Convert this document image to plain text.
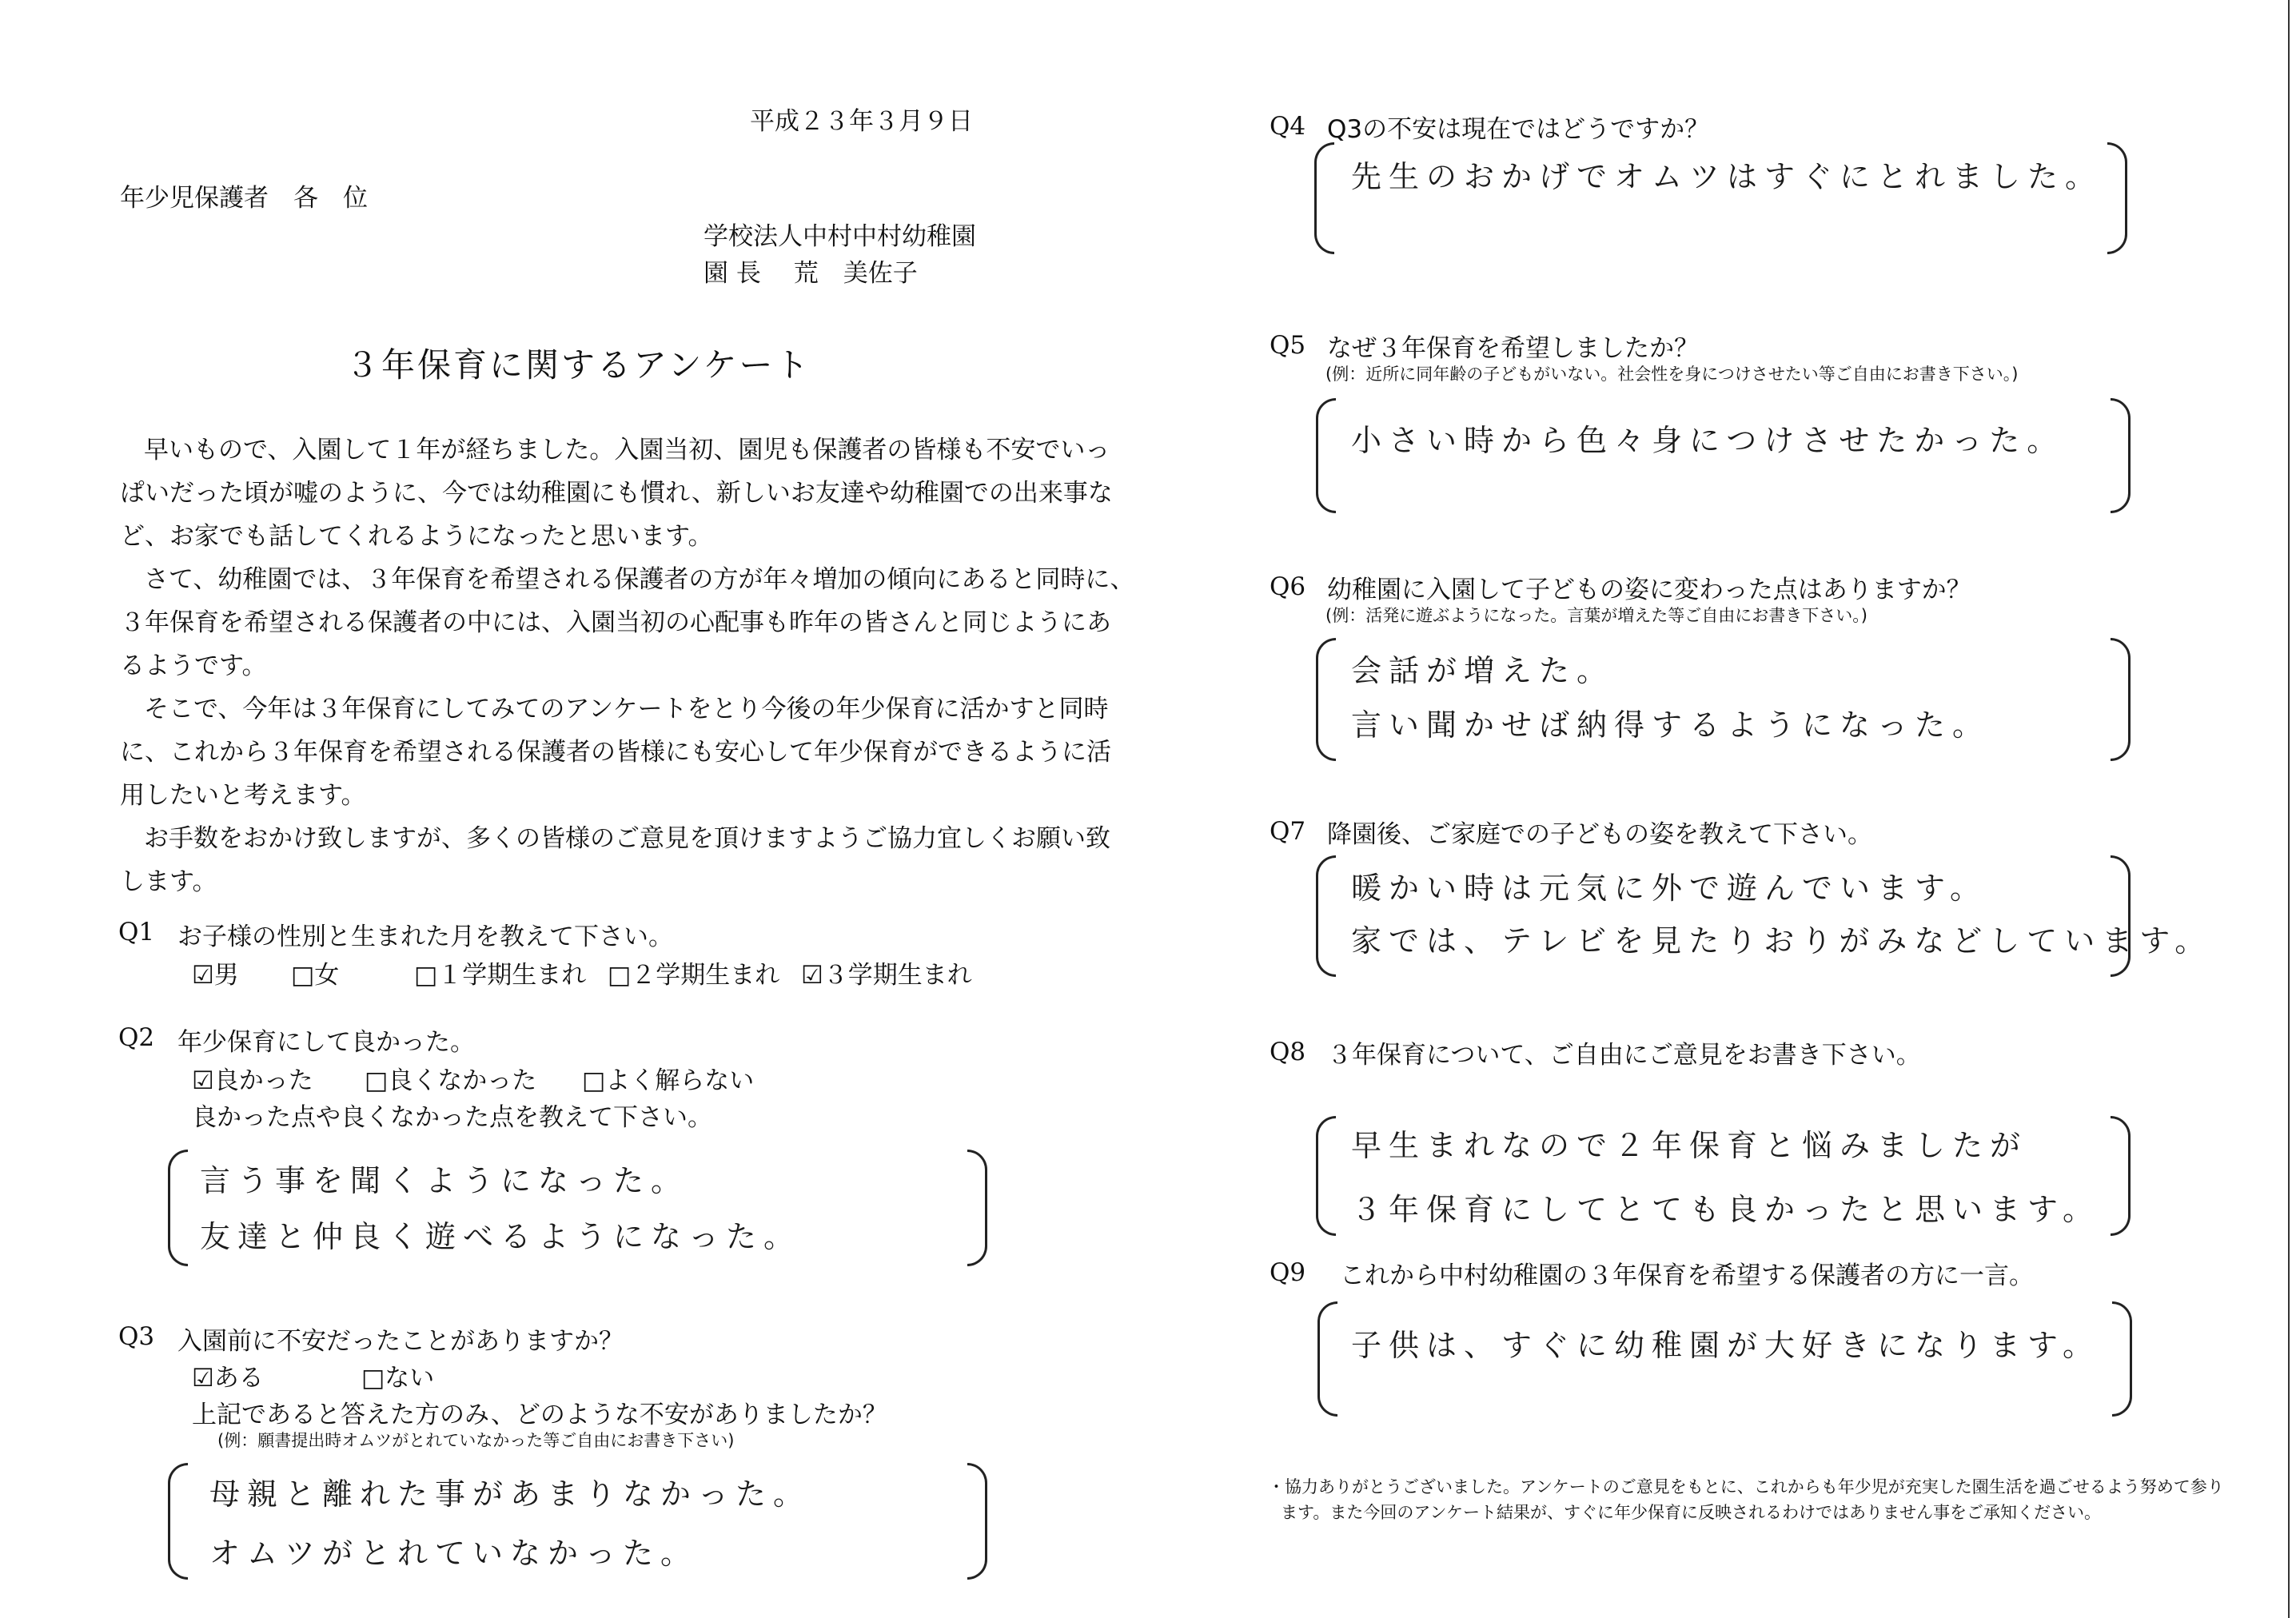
平成２３年３月９日
年少児保護者　各　位
学校法人中村中村幼稚園
園 長　 荒　美佐子
３年保育に関するアンケート
早いもので、入園して１年が経ちました。入園当初、園児も保護者の皆様も不安でいっ
ぱいだった頃が嘘のように、今では幼稚園にも慣れ、新しいお友達や幼稚園での出来事な
ど、お家でも話してくれるようになったと思います。
さて、幼稚園では、３年保育を希望される保護者の方が年々増加の傾向にあると同時に、
３年保育を希望される保護者の中には、入園当初の心配事も昨年の皆さんと同じようにあ
るようです。
そこで、今年は３年保育にしてみてのアンケートをとり今後の年少保育に活かすと同時
に、これから３年保育を希望される保護者の皆様にも安心して年少保育ができるように活
用したいと考えます。
お手数をおかけ致しますが、多くの皆様のご意見を頂けますようご協力宜しくお願い致
します。
Q1 お子様の性別と生まれた月を教えて下さい。
☑男 □女	□１学期生まれ □２学期生まれ ☑３学期生まれ
Q2 年少保育にして良かった。
☑良かった □良くなかった □よく解らない
良かった点や良くなかった点を教えて下さい。
言う事を聞くようになった。
友達と仲良く遊べるようになった。
Q3 入園前に不安だったことがありますか？
☑ある	□ない
上記であると答えた方のみ、どのような不安がありましたか？
(例：願書提出時オムツがとれていなかった等ご自由にお書き下さい)
母親と離れた事があまりなかった。
オムツがとれていなかった。
Q4 Q3の不安は現在ではどうですか？
先生のおかげでオムツはすぐにとれました。
Q5 なぜ３年保育を希望しましたか？
(例：近所に同年齢の子どもがいない。社会性を身につけさせたい等ご自由にお書き下さい。)
小さい時から色々身につけさせたかった。
Q6 幼稚園に入園して子どもの姿に変わった点はありますか？
(例：活発に遊ぶようになった。言葉が増えた等ご自由にお書き下さい。)
会話が増えた。
言い聞かせば納得するようになった。
Q7 降園後、ご家庭での子どもの姿を教えて下さい。
暖かい時は元気に外で遊んでいます。
家では、テレビを見たりおりがみなどしています。
Q8 ３年保育について、ご自由にご意見をお書き下さい。
早生まれなので２年保育と悩みましたが
３年保育にしてとても良かったと思います。
Q9 これから中村幼稚園の３年保育を希望する保護者の方に一言。
子供は、すぐに幼稚園が大好きになります。
・協力ありがとうございました。アンケートのご意見をもとに、これからも年少児が充実した園生活を過ごせるよう努めて参り
ます。また今回のアンケート結果が、すぐに年少保育に反映されるわけではありません事をご承知ください。
